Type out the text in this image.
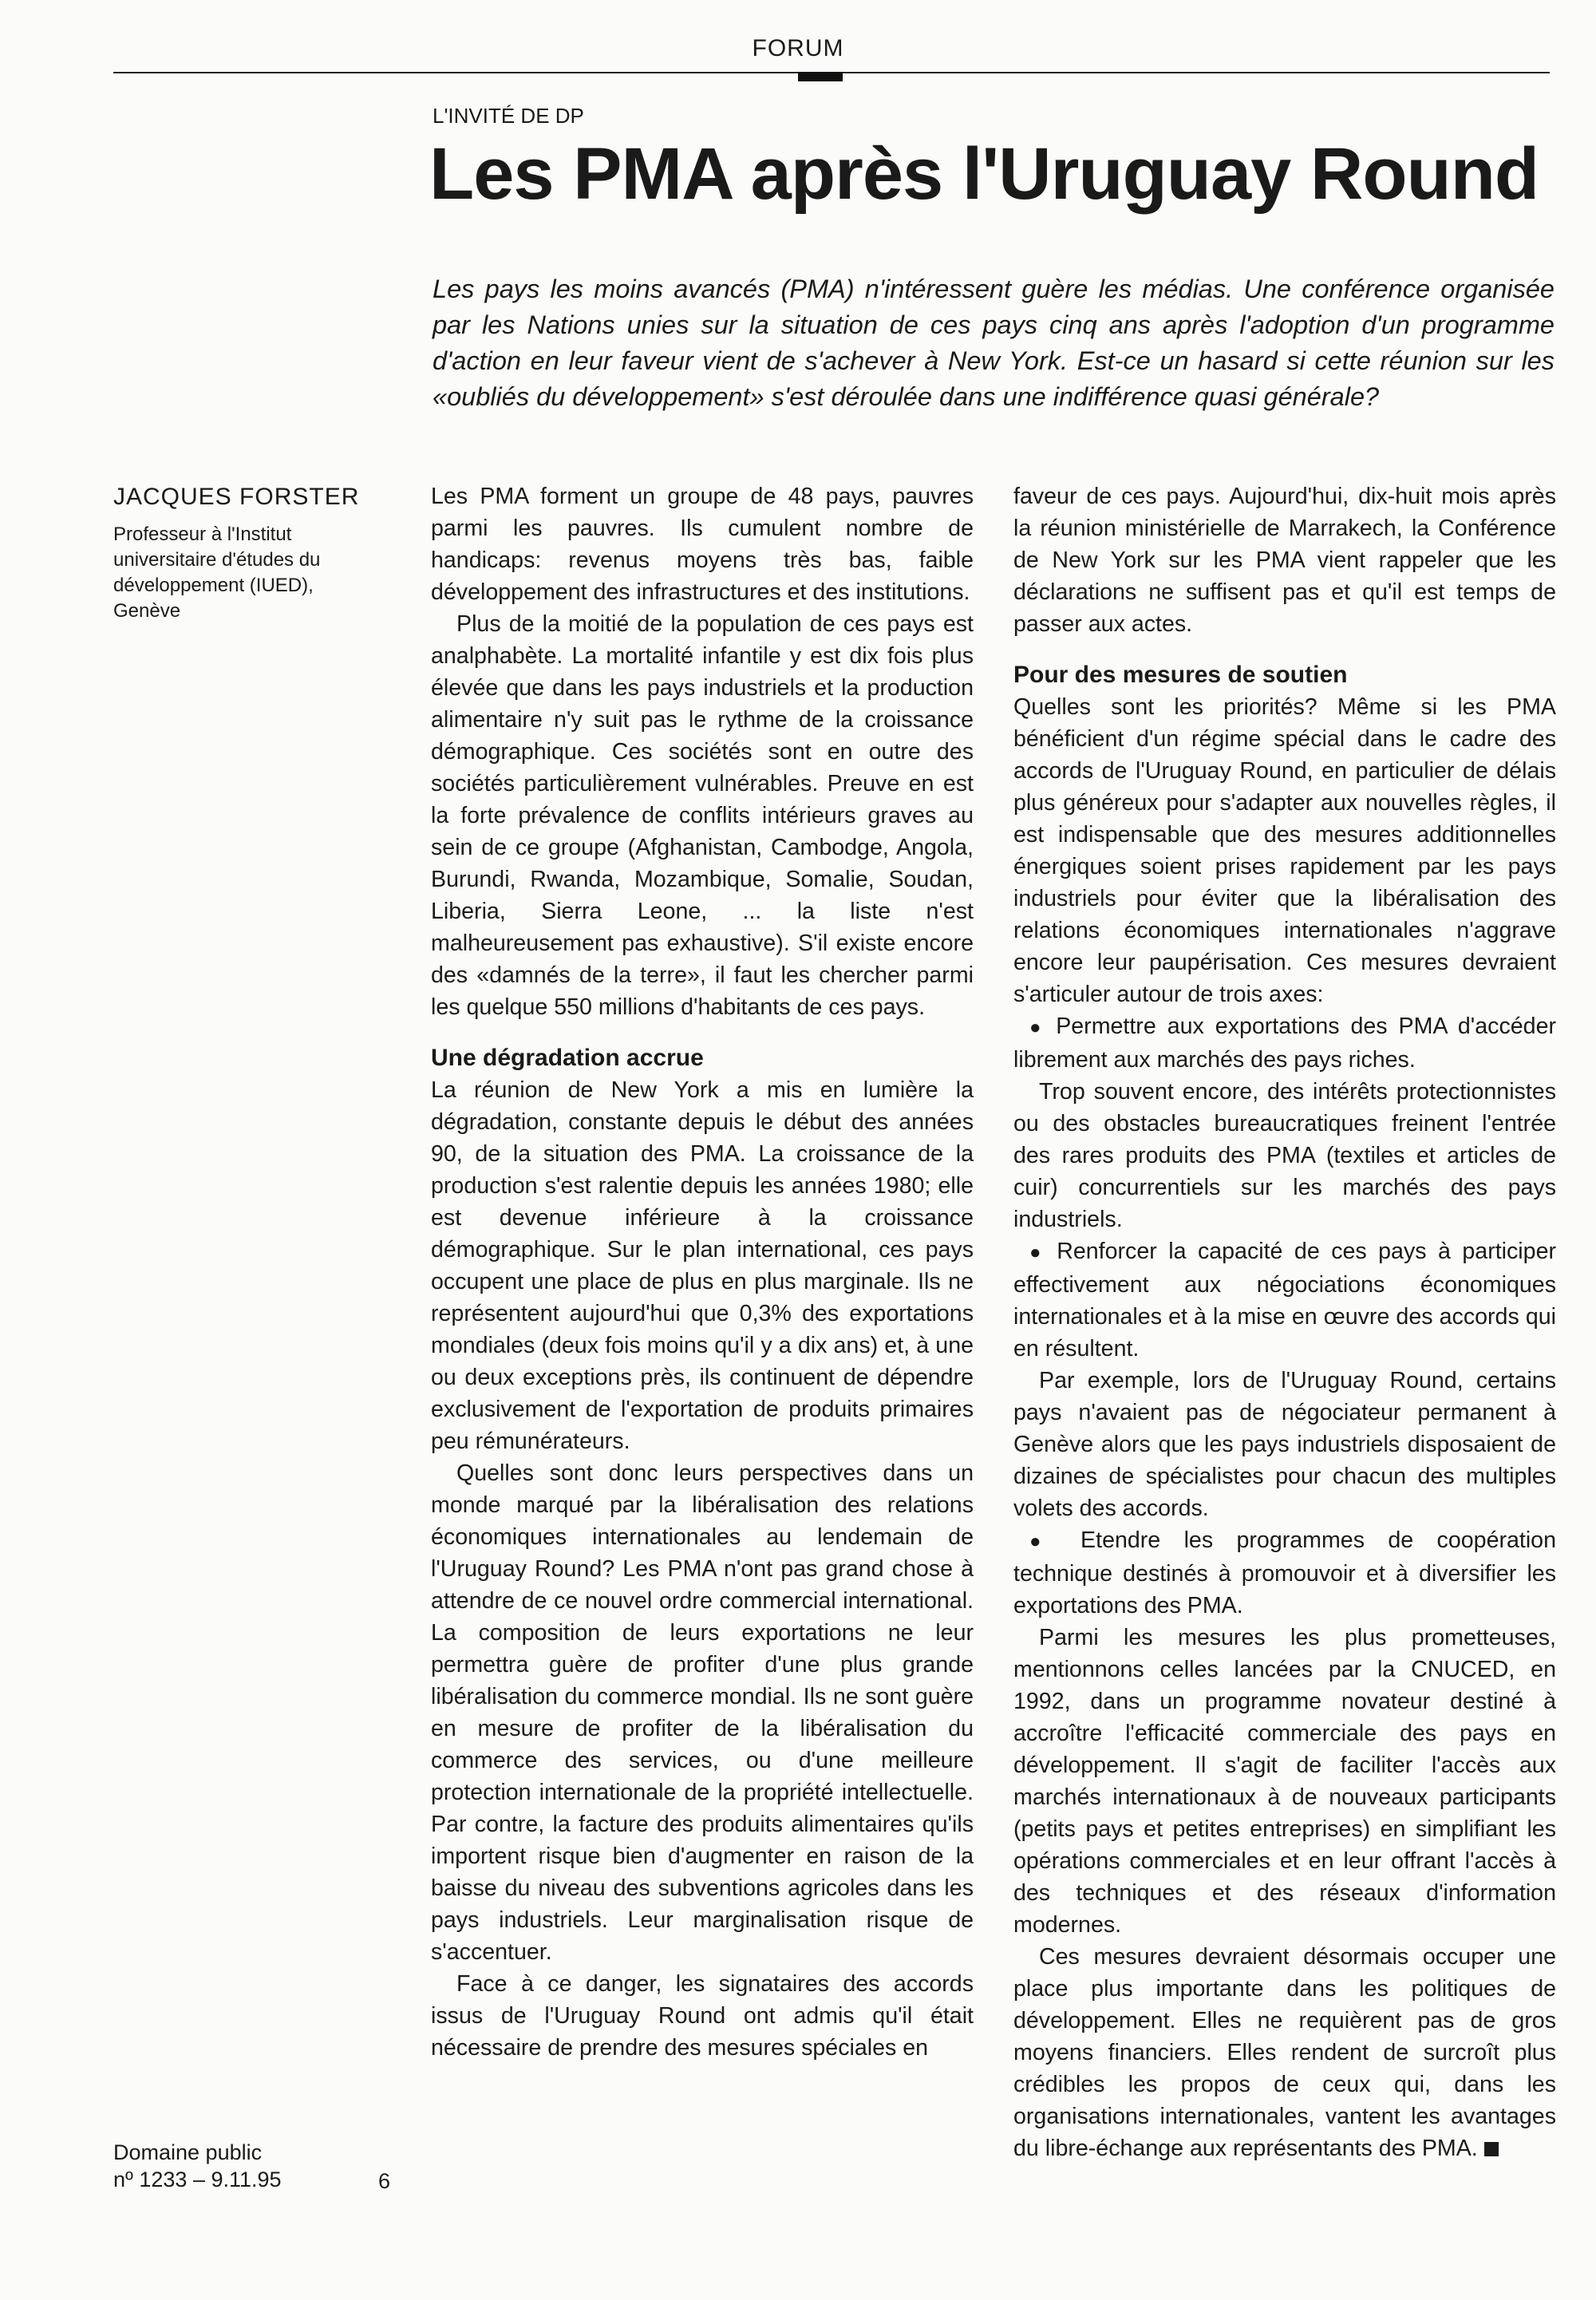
FORUM
L'INVITÉ DE DP
Les PMA après l'Uruguay Round
Les pays les moins avancés (PMA) n'intéressent guère les médias. Une conférence organisée par les Nations unies sur la situation de ces pays cinq ans après l'adoption d'un programme d'action en leur faveur vient de s'achever à New York. Est-ce un hasard si cette réunion sur les «oubliés du développement» s'est déroulée dans une indifférence quasi générale?
JACQUES FORSTER
Professeur à l'Institut universitaire d'études du développement (IUED), Genève
Domaine public
nº 1233 – 9.11.95	6

Les PMA forment un groupe de 48 pays, pauvres parmi les pauvres. Ils cumulent nombre de handicaps: revenus moyens très bas, faible développement des infrastructures et des institutions.

Plus de la moitié de la population de ces pays est analphabète. La mortalité infantile y est dix fois plus élevée que dans les pays industriels et la production alimentaire n'y suit pas le rythme de la croissance démographique. Ces sociétés sont en outre des sociétés particulièrement vulnérables. Preuve en est la forte prévalence de conflits intérieurs graves au sein de ce groupe (Afghanistan, Cambodge, Angola, Burundi, Rwanda, Mozambique, Somalie, Soudan, Liberia, Sierra Leone, ... la liste n'est malheureusement pas exhaustive). S'il existe encore des «damnés de la terre», il faut les chercher parmi les quelque 550 millions d'habitants de ces pays.

Une dégradation accrue

La réunion de New York a mis en lumière la dégradation, constante depuis le début des années 90, de la situation des PMA. La croissance de la production s'est ralentie depuis les années 1980; elle est devenue inférieure à la croissance démographique. Sur le plan international, ces pays occupent une place de plus en plus marginale. Ils ne représentent aujourd'hui que 0,3% des exportations mondiales (deux fois moins qu'il y a dix ans) et, à une ou deux exceptions près, ils continuent de dépendre exclusivement de l'exportation de produits primaires peu rémunérateurs.

Quelles sont donc leurs perspectives dans un monde marqué par la libéralisation des relations économiques internationales au lendemain de l'Uruguay Round? Les PMA n'ont pas grand chose à attendre de ce nouvel ordre commercial international. La composition de leurs exportations ne leur permettra guère de profiter d'une plus grande libéralisation du commerce mondial. Ils ne sont guère en mesure de profiter de la libéralisation du commerce des services, ou d'une meilleure protection internationale de la propriété intellectuelle. Par contre, la facture des produits alimentaires qu'ils importent risque bien d'augmenter en raison de la baisse du niveau des subventions agricoles dans les pays industriels. Leur marginalisation risque de s'accentuer.

Face à ce danger, les signataires des accords issus de l'Uruguay Round ont admis qu'il était nécessaire de prendre des mesures spéciales en

faveur de ces pays. Aujourd'hui, dix-huit mois après la réunion ministérielle de Marrakech, la Conférence de New York sur les PMA vient rappeler que les déclarations ne suffisent pas et qu'il est temps de passer aux actes.

Pour des mesures de soutien

Quelles sont les priorités? Même si les PMA bénéficient d'un régime spécial dans le cadre des accords de l'Uruguay Round, en particulier de délais plus généreux pour s'adapter aux nouvelles règles, il est indispensable que des mesures additionnelles énergiques soient prises rapidement par les pays industriels pour éviter que la libéralisation des relations économiques internationales n'aggrave encore leur paupérisation. Ces mesures devraient s'articuler autour de trois axes:

● Permettre aux exportations des PMA d'accéder librement aux marchés des pays riches.

Trop souvent encore, des intérêts protectionnistes ou des obstacles bureaucratiques freinent l'entrée des rares produits des PMA (textiles et articles de cuir) concurrentiels sur les marchés des pays industriels.

● Renforcer la capacité de ces pays à participer effectivement aux négociations économiques internationales et à la mise en œuvre des accords qui en résultent.

Par exemple, lors de l'Uruguay Round, certains pays n'avaient pas de négociateur permanent à Genève alors que les pays industriels disposaient de dizaines de spécialistes pour chacun des multiples volets des accords.

● Etendre les programmes de coopération technique destinés à promouvoir et à diversifier les exportations des PMA.

Parmi les mesures les plus prometteuses, mentionnons celles lancées par la CNUCED, en 1992, dans un programme novateur destiné à accroître l'efficacité commerciale des pays en développement. Il s'agit de faciliter l'accès aux marchés internationaux à de nouveaux participants (petits pays et petites entreprises) en simplifiant les opérations commerciales et en leur offrant l'accès à des techniques et des réseaux d'information modernes.

Ces mesures devraient désormais occuper une place plus importante dans les politiques de développement. Elles ne requièrent pas de gros moyens financiers. Elles rendent de surcroît plus crédibles les propos de ceux qui, dans les organisations internationales, vantent les avantages du libre-échange aux représentants des PMA.
